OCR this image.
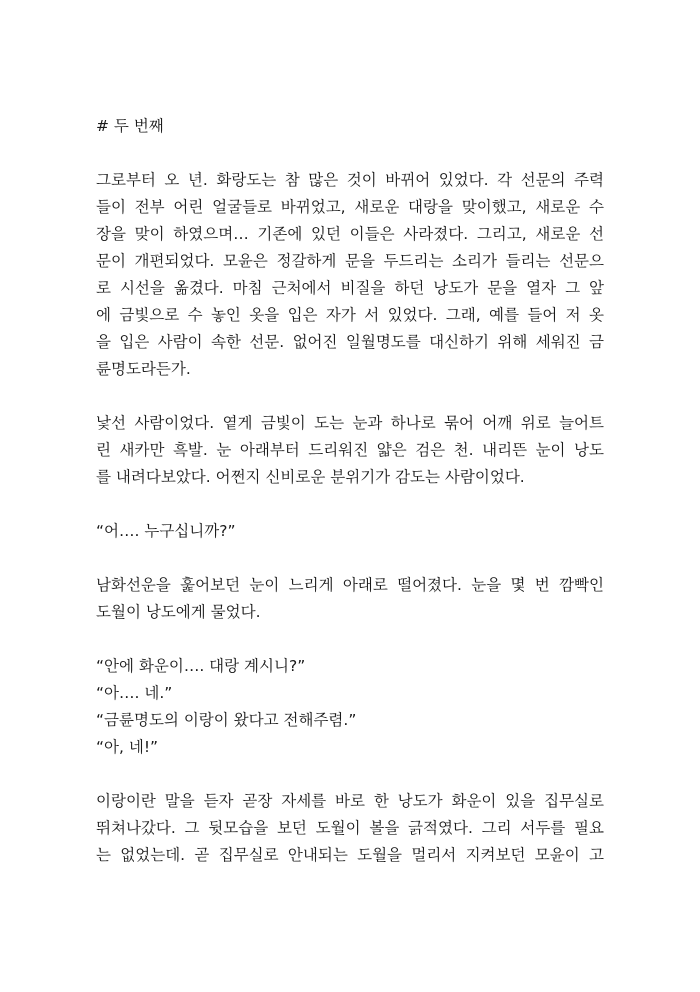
# 두 번째
그로부터 오 년. 화랑도는 참 많은 것이 바뀌어 있었다. 각 선문의 주력
들이 전부 어린 얼굴들로 바뀌었고, 새로운 대랑을 맞이했고, 새로운 수
장을 맞이 하였으며… 기존에 있던 이들은 사라졌다. 그리고, 새로운 선
문이 개편되었다. 모윤은 정갈하게 문을 두드리는 소리가 들리는 선문으
로 시선을 옮겼다. 마침 근처에서 비질을 하던 낭도가 문을 열자 그 앞
에 금빛으로 수 놓인 옷을 입은 자가 서 있었다. 그래, 예를 들어 저 옷
을 입은 사람이 속한 선문. 없어진 일월명도를 대신하기 위해 세워진 금
륜명도라든가.
낯선 사람이었다. 옅게 금빛이 도는 눈과 하나로 묶어 어깨 위로 늘어트
린 새카만 흑발. 눈 아래부터 드리워진 얇은 검은 천. 내리뜬 눈이 낭도
를 내려다보았다. 어쩐지 신비로운 분위기가 감도는 사람이었다.
“어…. 누구십니까?”
남화선운을 훑어보던 눈이 느리게 아래로 떨어졌다. 눈을 몇 번 깜빡인
도월이 낭도에게 물었다.
“안에 화운이…. 대랑 계시니?”
“아…. 네.”
“금륜명도의 이랑이 왔다고 전해주렴.”
“아, 네!”
이랑이란 말을 듣자 곧장 자세를 바로 한 낭도가 화운이 있을 집무실로
뛰쳐나갔다. 그 뒷모습을 보던 도월이 볼을 긁적였다. 그리 서두를 필요
는 없었는데. 곧 집무실로 안내되는 도월을 멀리서 지켜보던 모윤이 고
